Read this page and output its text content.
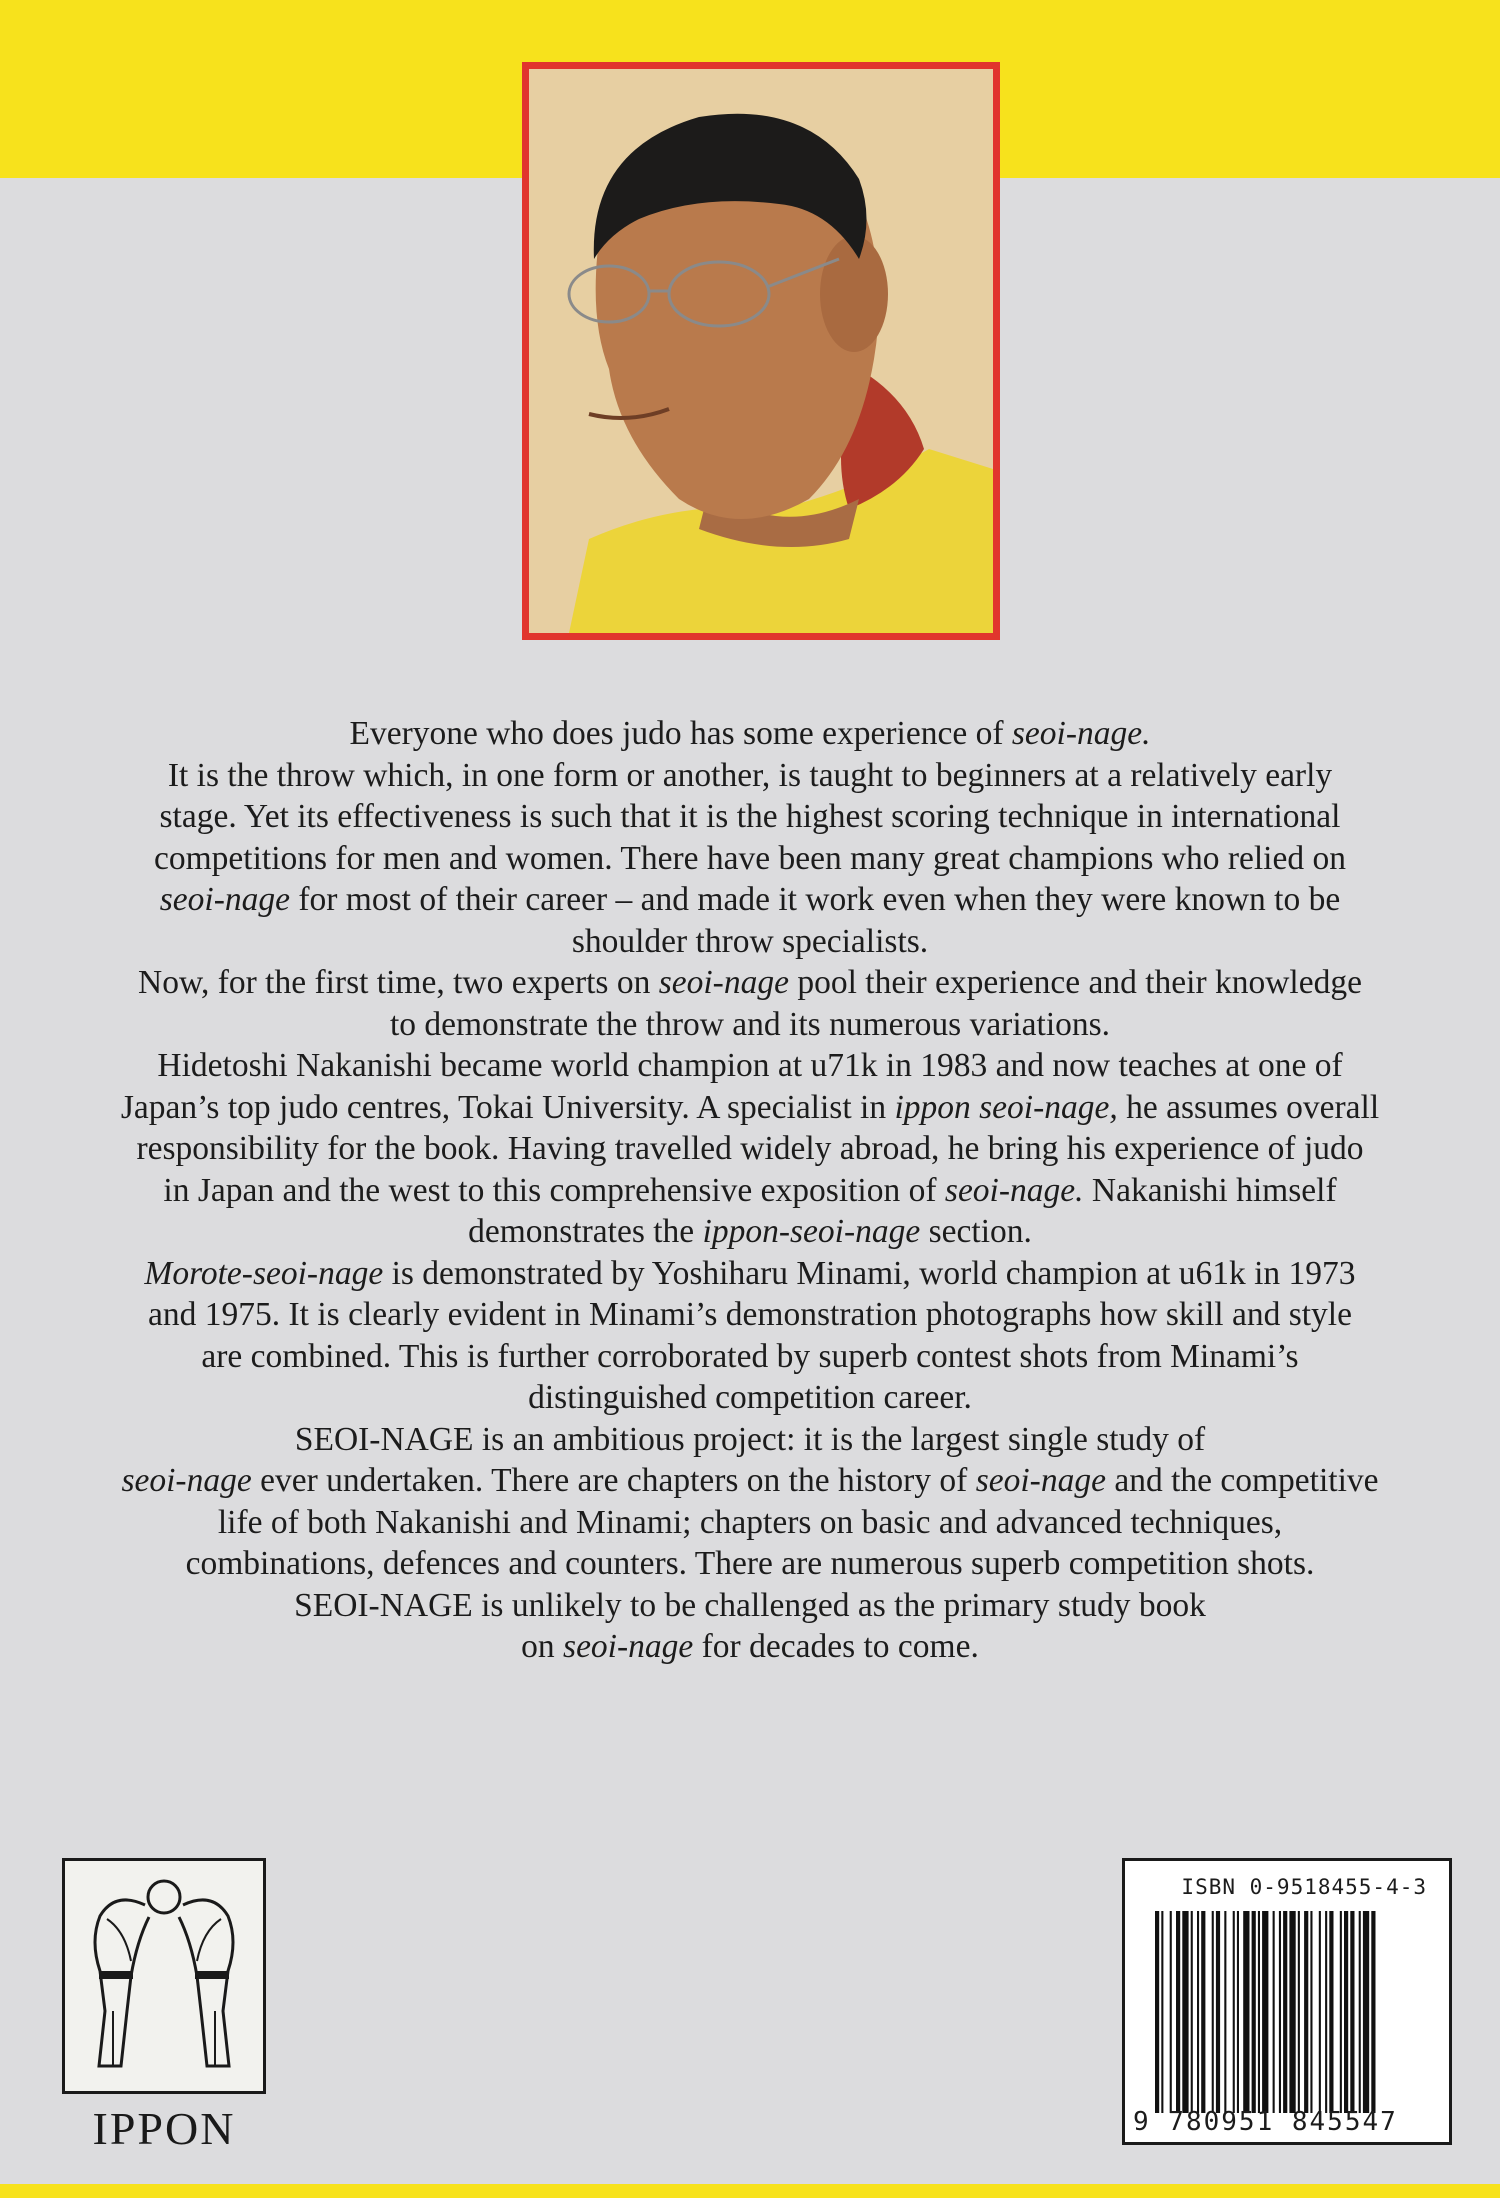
Everyone who does judo has some experience of seoi-nage.
It is the throw which, in one form or another, is taught to beginners at a relatively early
stage. Yet its effectiveness is such that it is the highest scoring technique in international
competitions for men and women. There have been many great champions who relied on
seoi-nage for most of their career – and made it work even when they were known to be
shoulder throw specialists.

Now, for the first time, two experts on seoi-nage pool their experience and their knowledge
to demonstrate the throw and its numerous variations.

Hidetoshi Nakanishi became world champion at u71k in 1983 and now teaches at one of
Japan’s top judo centres, Tokai University. A specialist in ippon seoi-nage, he assumes overall
responsibility for the book. Having travelled widely abroad, he bring his experience of judo
in Japan and the west to this comprehensive exposition of seoi-nage. Nakanishi himself
demonstrates the ippon-seoi-nage section.

Morote-seoi-nage is demonstrated by Yoshiharu Minami, world champion at u61k in 1973
and 1975. It is clearly evident in Minami’s demonstration photographs how skill and style
are combined. This is further corroborated by superb contest shots from Minami’s
distinguished competition career.

SEOI-NAGE is an ambitious project: it is the largest single study of
seoi-nage ever undertaken. There are chapters on the history of seoi-nage and the competitive
life of both Nakanishi and Minami; chapters on basic and advanced techniques,
combinations, defences and counters. There are numerous superb competition shots.

SEOI-NAGE is unlikely to be challenged as the primary study book
on seoi-nage for decades to come.

IPPON
ISBN 0-9518455-4-3
9 780951 845547
